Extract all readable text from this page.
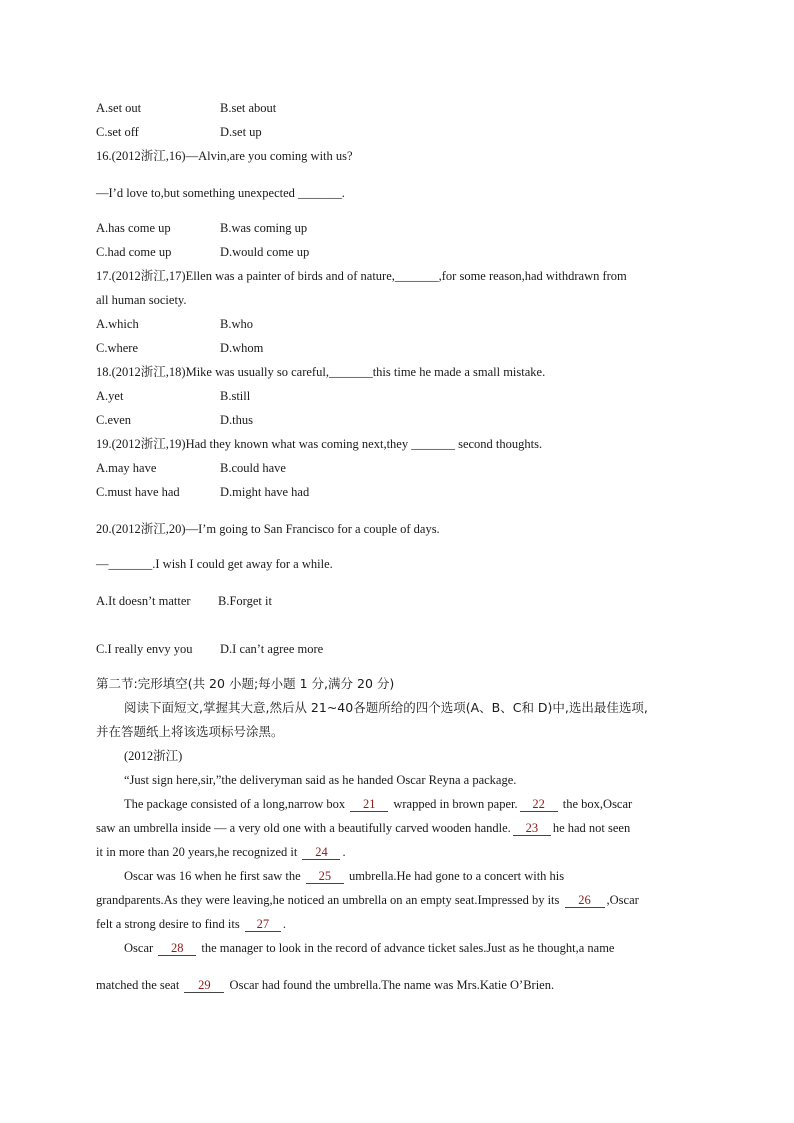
A.set out	B.set about
C.set off	D.set up
16.(2012浙江,16)—Alvin,are you coming with us?
—I’d love to,but something unexpected _______.
A.has come up	B.was coming up
C.had come up	D.would come up
17.(2012浙江,17)Ellen was a painter of birds and of nature,_______,for some reason,had withdrawn from
all human society.
A.which	B.who
C.where	D.whom
18.(2012浙江,18)Mike was usually so careful,_______this time he made a small mistake.
A.yet	B.still
C.even	D.thus
19.(2012浙江,19)Had they known what was coming next,they _______ second thoughts.
A.may have	B.could have
C.must have had	D.might have had
20.(2012浙江,20)—I’m going to San Francisco for a couple of days.
—_______.I wish I could get away for a while.
A.It doesn’t matter B.Forget it
C.I really envy you D.I can’t agree more
第二节:完形填空(共 20 小题;每小题 1 分,满分 20 分)
阅读下面短文,掌握其大意,然后从 21~40各题所给的四个选项(A、B、C和 D)中,选出最佳选项,
并在答题纸上将该选项标号涂黑。
(2012浙江)
“Just sign here,sir,”the deliveryman said as he handed Oscar Reyna a package.
The package consisted of a long,narrow box 21 wrapped in brown paper. 22 the box,Oscar
saw an umbrella inside — a very old one with a beautifully carved wooden handle. 23 he had not seen
it in more than 20 years,he recognized it 24 .
Oscar was 16 when he first saw the 25 umbrella.He had gone to a concert with his
grandparents.As they were leaving,he noticed an umbrella on an empty seat.Impressed by its 26 ,Oscar
felt a strong desire to find its 27 .
Oscar 28 the manager to look in the record of advance ticket sales.Just as he thought,a name
matched the seat 29 Oscar had found the umbrella.The name was Mrs.Katie O’Brien.
